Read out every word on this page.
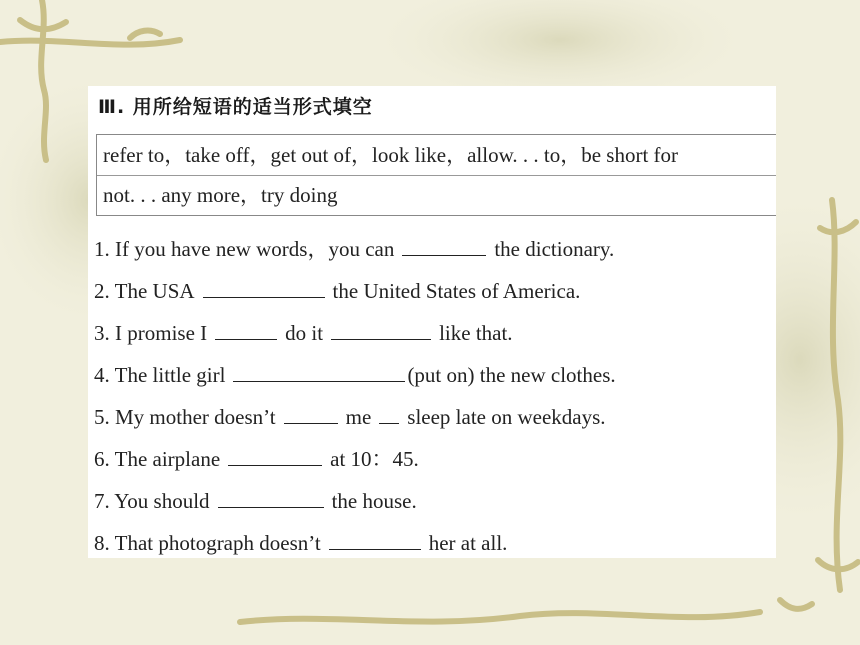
Ⅲ. 用所给短语的适当形式填空
refer to，take off，get out of，look like，allow. . . to，be short for
not. . . any more，try doing
1. If you have new words，you can	the dictionary.
2. The USA	the United States of America.
3. I promise I	do it	like that.
4. The little girl	(put on) the new clothes.
5. My mother doesn’t	me sleep late on weekdays.
6. The airplane	at 10：45.
7. You should	the house.
8. That photograph doesn’t	her at all.
